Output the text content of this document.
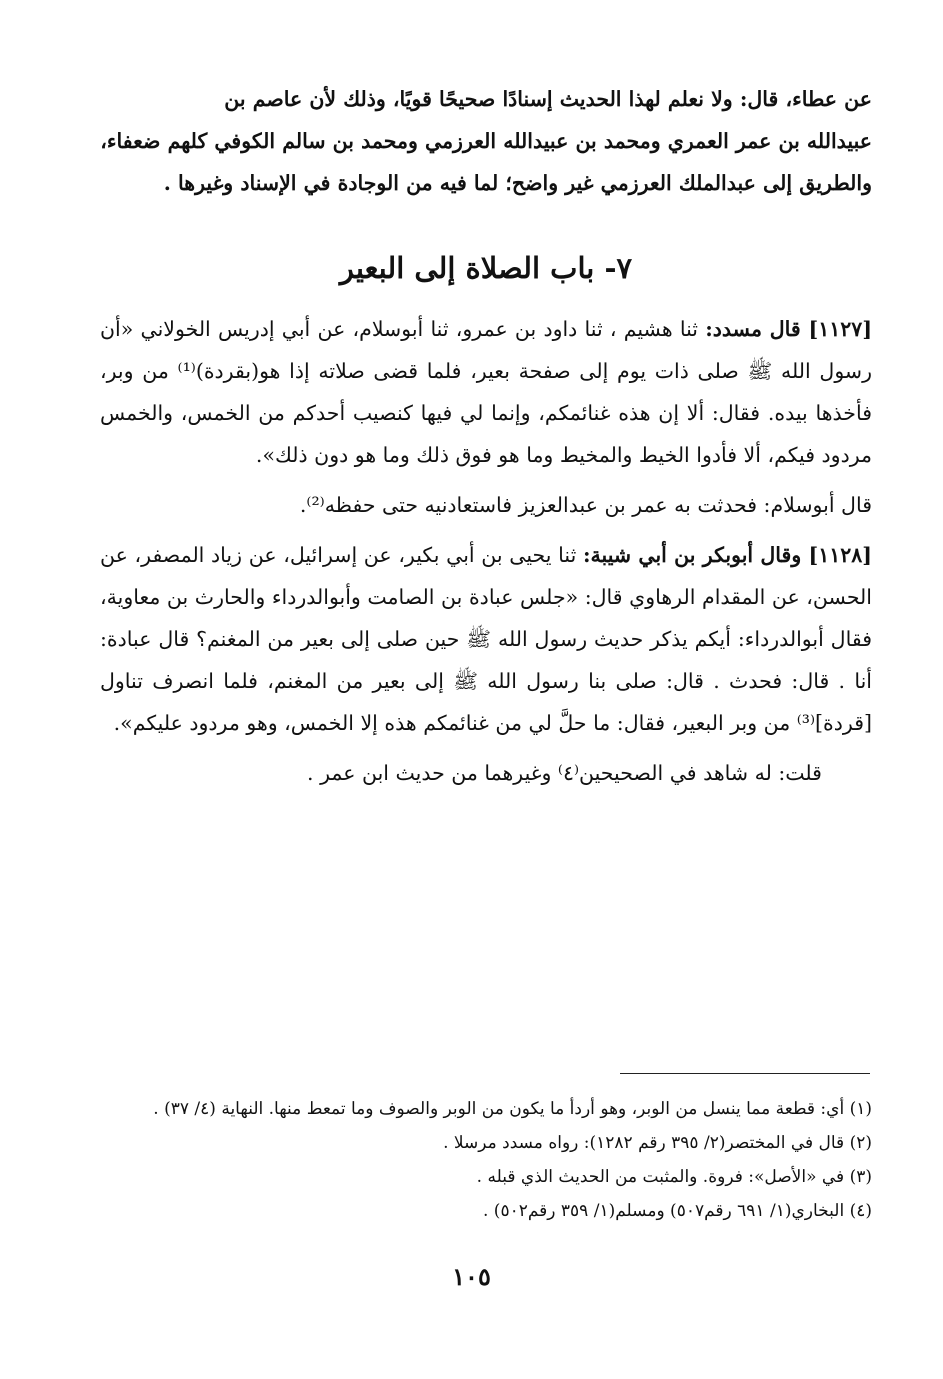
عن عطاء، قال: ولا نعلم لهذا الحديث إسنادًا صحيحًا قويًا، وذلك لأن عاصم بن

عبيدالله بن عمر العمري ومحمد بن عبيدالله العرزمي ومحمد بن سالم الكوفي كلهم ضعفاء،

والطريق إلى عبدالملك العرزمي غير واضح؛ لما فيه من الوجادة في الإسناد وغيرها .

٧- باب الصلاة إلى البعير

[١١٢٧] قال مسدد: ثنا هشيم ، ثنا داود بن عمرو، ثنا أبوسلام، عن أبي إدريس الخولاني «أن رسول الله ﷺ صلى ذات يوم إلى صفحة بعير، فلما قضى صلاته إذا هو(بقردة)⁽¹⁾ من وبر، فأخذها بيده. فقال: ألا إن هذه غنائمكم، وإنما لي فيها كنصيب أحدكم من الخمس، والخمس مردود فيكم، ألا فأدوا الخيط والمخيط وما هو فوق ذلك وما هو دون ذلك».

قال أبوسلام: فحدثت به عمر بن عبدالعزيز فاستعادنيه حتى حفظه⁽²⁾.

[١١٢٨] وقال أبوبكر بن أبي شيبة: ثنا يحيى بن أبي بكير، عن إسرائيل، عن زياد المصفر، عن الحسن، عن المقدام الرهاوي قال: «جلس عبادة بن الصامت وأبوالدرداء والحارث بن معاوية، فقال أبوالدرداء: أيكم يذكر حديث رسول الله ﷺ حين صلى إلى بعير من المغنم؟ قال عبادة: أنا . قال: فحدث . قال: صلى بنا رسول الله ﷺ إلى بعير من المغنم، فلما انصرف تناول [قردة]⁽³⁾ من وبر البعير، فقال: ما حلَّ لي من غنائمكم هذه إلا الخمس، وهو مردود عليكم».

قلت: له شاهد في الصحيحين⁽٤⁾ وغيرهما من حديث ابن عمر .

(١) أي: قطعة مما ينسل من الوبر، وهو أردأ ما يكون من الوبر والصوف وما تمعط منها. النهاية (٤/ ٣٧) .
(٢) قال في المختصر(٢/ ٣٩٥ رقم ١٢٨٢): رواه مسدد مرسلا .
(٣) في «الأصل»: فروة. والمثبت من الحديث الذي قبله .
(٤) البخاري(١/ ٦٩١ رقم٥٠٧) ومسلم(١/ ٣٥٩ رقم٥٠٢) .
١٠٥
